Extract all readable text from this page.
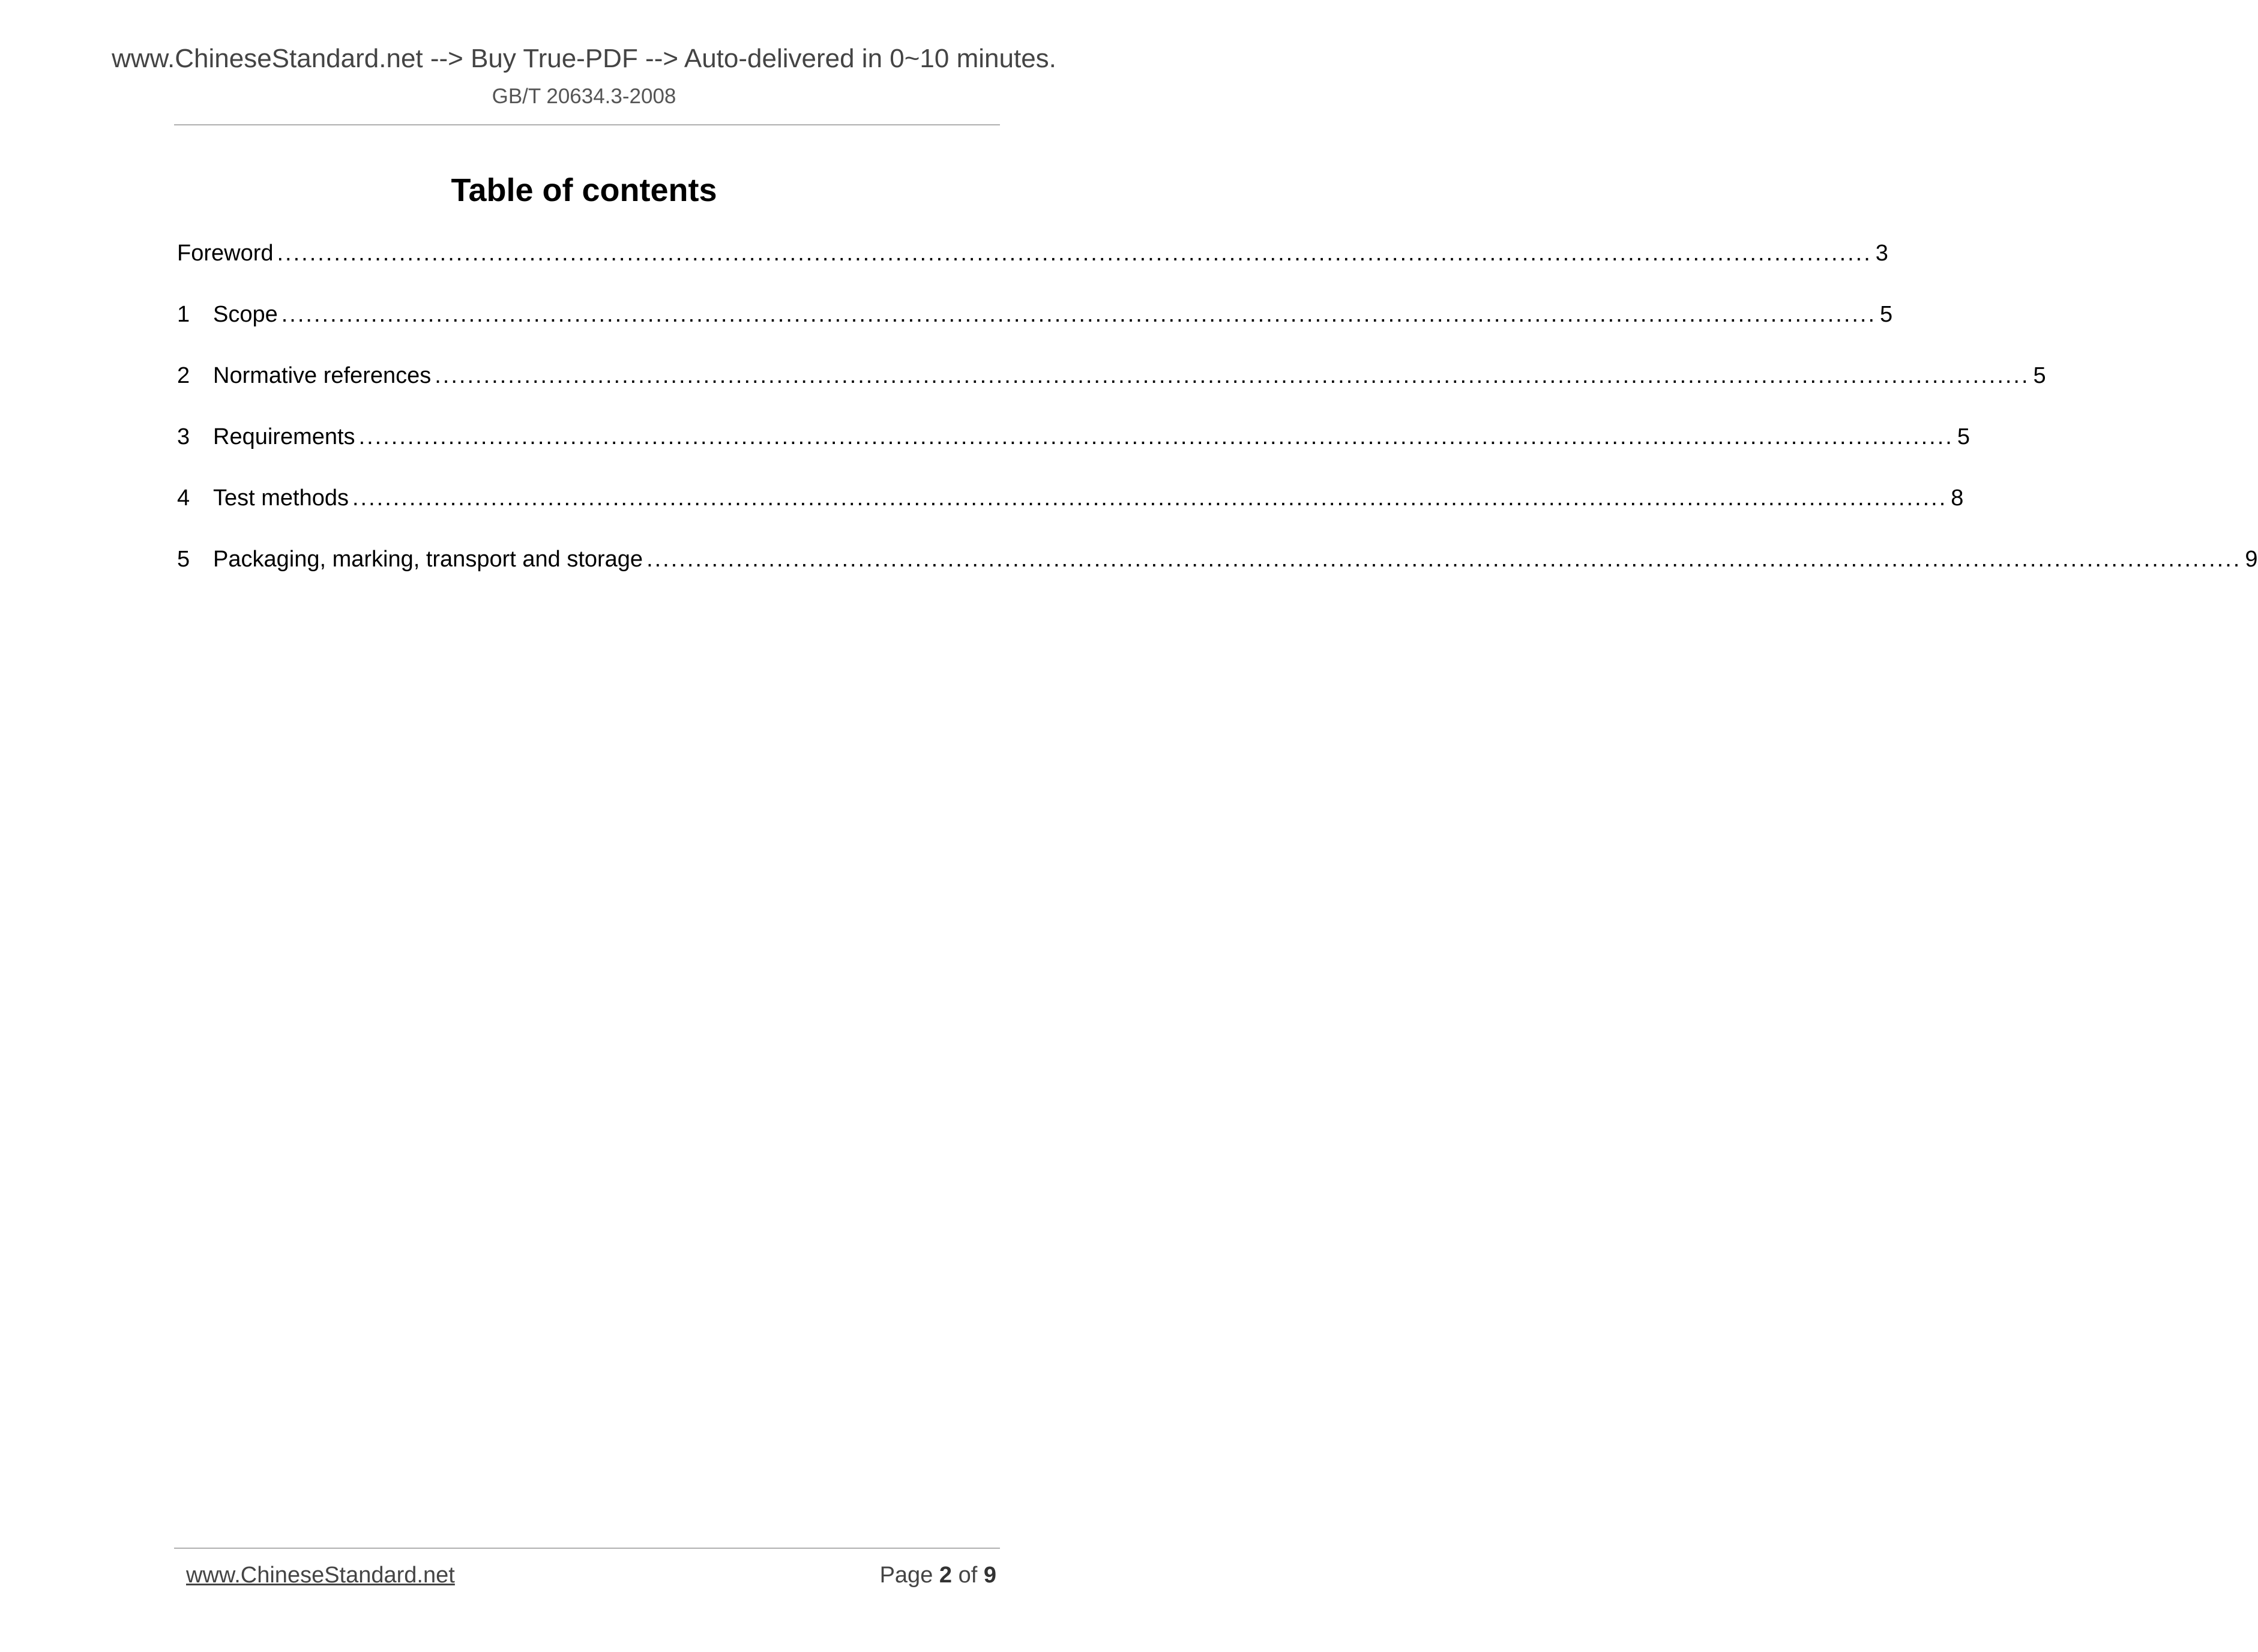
www.ChineseStandard.net --> Buy True-PDF --> Auto-delivered in 0~10 minutes.
GB/T 20634.3-2008
Table of contents
Foreword .................................................................................................................................................................................................... 3
1	Scope .................................................................................................................................................................................................... 5
2	Normative references .................................................................................................................................................................................................... 5
3	Requirements .................................................................................................................................................................................................... 5
4	Test methods .................................................................................................................................................................................................... 8
5	Packaging, marking, transport and storage .................................................................................................................................................................................................... 9
www.ChineseStandard.net	Page 2 of 9
